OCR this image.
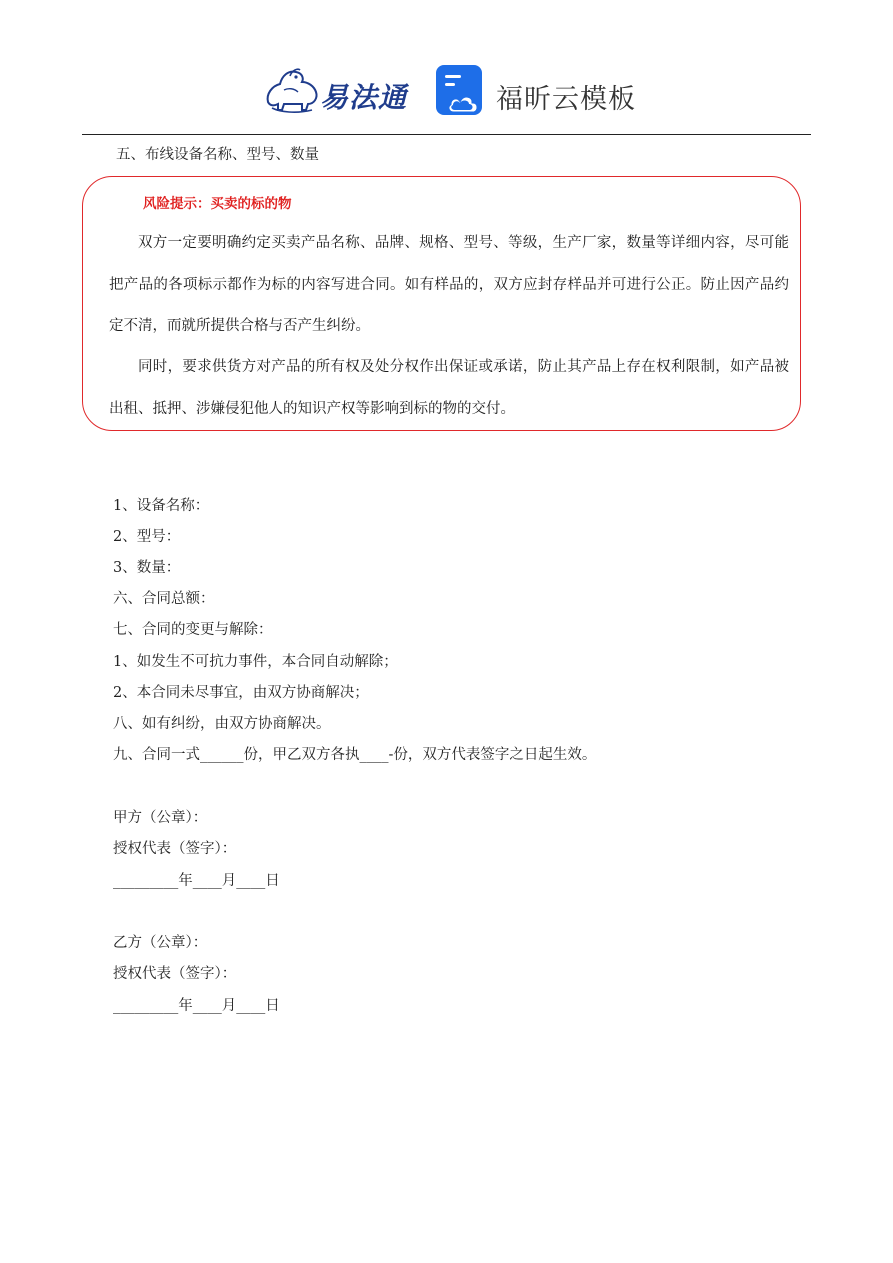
易法通	福昕云模板
五、布线设备名称、型号、数量
风险提示：买卖的标的物
双方一定要明确约定买卖产品名称、品牌、规格、型号、等级，生产厂家，数量等详细内容，尽可能把产品的各项标示都作为标的内容写进合同。如有样品的，双方应封存样品并可进行公正。防止因产品约定不清，而就所提供合格与否产生纠纷。
同时，要求供货方对产品的所有权及处分权作出保证或承诺，防止其产品上存在权利限制，如产品被出租、抵押、涉嫌侵犯他人的知识产权等影响到标的物的交付。
1、设备名称：
2、型号：
3、数量：
六、合同总额：
七、合同的变更与解除：
1、如发生不可抗力事件，本合同自动解除；
2、本合同未尽事宜，由双方协商解决；
八、如有纠纷，由双方协商解决。
九、合同一式______份，甲乙双方各执____-份，双方代表签字之日起生效。
甲方（公章）：
授权代表（签字）：
_________年____月____日
乙方（公章）：
授权代表（签字）：
_________年____月____日
